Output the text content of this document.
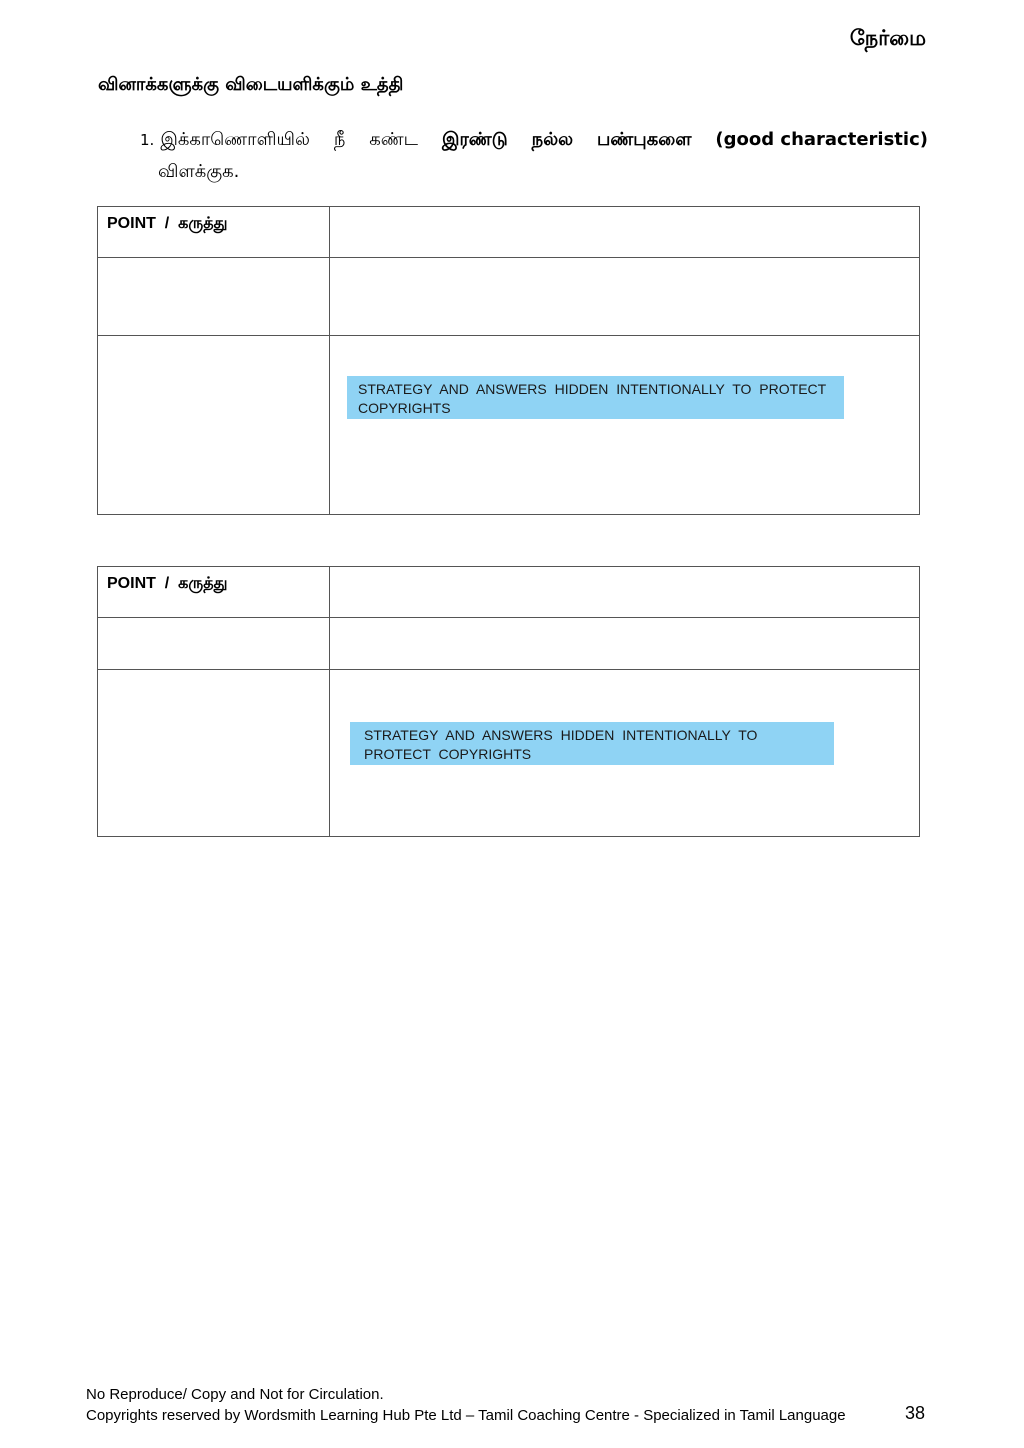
நேர்மை
வினாக்களுக்கு விடையளிக்கும் உத்தி
1. இக்காணொளியில் நீ கண்ட இரண்டு நல்ல பண்புகளை (good characteristic)
விளக்குக.
POINT / கருத்து	

	STRATEGY AND ANSWERS HIDDEN INTENTIONALLY TO PROTECT COPYRIGHTS
POINT / கருத்து	

	STRATEGY AND ANSWERS HIDDEN INTENTIONALLY TO PROTECT COPYRIGHTS
No Reproduce/ Copy and Not for Circulation.
Copyrights reserved by Wordsmith Learning Hub Pte Ltd – Tamil Coaching Centre - Specialized in Tamil Language	38
